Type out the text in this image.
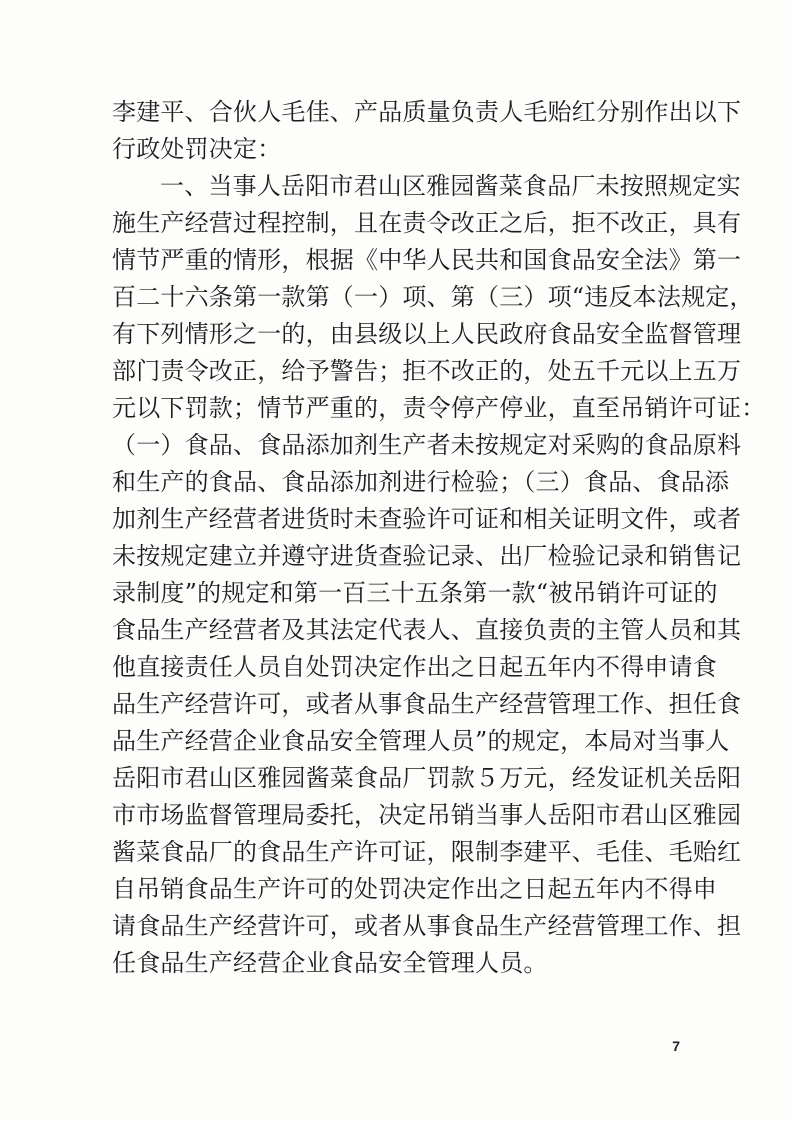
李建平、合伙人毛佳、产品质量负责人毛贻红分别作出以下
行政处罚决定：
一、当事人岳阳市君山区雅园酱菜食品厂未按照规定实
施生产经营过程控制，且在责令改正之后，拒不改正，具有
情节严重的情形，根据《中华人民共和国食品安全法》第一
百二十六条第一款第（一）项、第（三）项“违反本法规定，
有下列情形之一的，由县级以上人民政府食品安全监督管理
部门责令改正，给予警告；拒不改正的，处五千元以上五万
元以下罚款；情节严重的，责令停产停业，直至吊销许可证：
（一）食品、食品添加剂生产者未按规定对采购的食品原料
和生产的食品、食品添加剂进行检验；（三）食品、食品添
加剂生产经营者进货时未查验许可证和相关证明文件，或者
未按规定建立并遵守进货查验记录、出厂检验记录和销售记
录制度”的规定和第一百三十五条第一款“被吊销许可证的
食品生产经营者及其法定代表人、直接负责的主管人员和其
他直接责任人员自处罚决定作出之日起五年内不得申请食
品生产经营许可，或者从事食品生产经营管理工作、担任食
品生产经营企业食品安全管理人员”的规定，本局对当事人
岳阳市君山区雅园酱菜食品厂罚款５万元，经发证机关岳阳
市市场监督管理局委托，决定吊销当事人岳阳市君山区雅园
酱菜食品厂的食品生产许可证，限制李建平、毛佳、毛贻红
自吊销食品生产许可的处罚决定作出之日起五年内不得申
请食品生产经营许可，或者从事食品生产经营管理工作、担
任食品生产经营企业食品安全管理人员。
7
